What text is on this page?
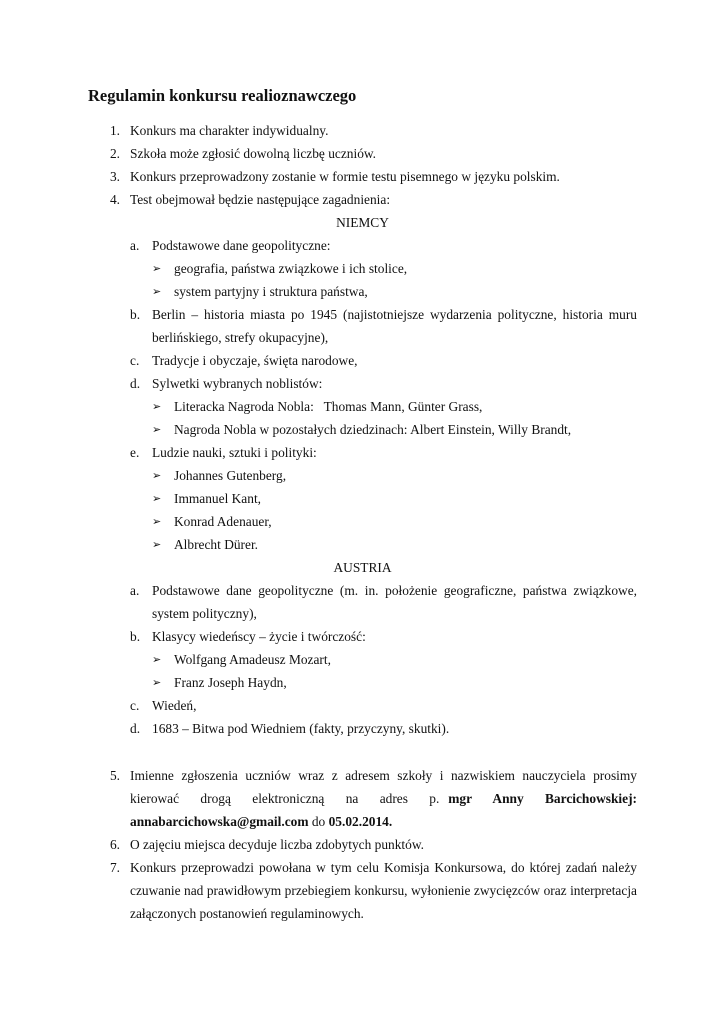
Regulamin konkursu realioznawczego
1. Konkurs ma charakter indywidualny.
2. Szkoła może zgłosić dowolną liczbę uczniów.
3. Konkurs przeprowadzony zostanie w formie testu pisemnego w języku polskim.
4. Test obejmował będzie następujące zagadnienia:
NIEMCY
a. Podstawowe dane geopolityczne:
➢ geografia, państwa związkowe i ich stolice,
➢ system partyjny i struktura państwa,
b. Berlin – historia miasta po 1945 (najistotniejsze wydarzenia polityczne, historia muru
berlińskiego, strefy okupacyjne),
c. Tradycje i obyczaje, święta narodowe,
d. Sylwetki wybranych noblistów:
➢ Literacka Nagroda Nobla:   Thomas Mann, Günter Grass,
➢ Nagroda Nobla w pozostałych dziedzinach: Albert Einstein, Willy Brandt,
e. Ludzie nauki, sztuki i polityki:
➢ Johannes Gutenberg,
➢ Immanuel Kant,
➢ Konrad Adenauer,
➢ Albrecht Dürer.
AUSTRIA
a. Podstawowe dane geopolityczne (m. in. położenie geograficzne, państwa związkowe,
system polityczny),
b. Klasycy wiedeńscy – życie i twórczość:
➢ Wolfgang Amadeusz Mozart,
➢ Franz Joseph Haydn,
c. Wiedeń,
d. 1683 – Bitwa pod Wiedniem (fakty, przyczyny, skutki).
5. Imienne zgłoszenia uczniów wraz z adresem szkoły i nazwiskiem nauczyciela prosimy
kierować drogą elektroniczną na adres p. mgr Anny Barcichowskiej:
annabarcichowska@gmail.com do 05.02.2014.
6. O zajęciu miejsca decyduje liczba zdobytych punktów.
7. Konkurs przeprowadzi powołana w tym celu Komisja Konkursowa, do której zadań należy
czuwanie nad prawidłowym przebiegiem konkursu, wyłonienie zwycięzców oraz interpretacja
załączonych postanowień regulaminowych.
